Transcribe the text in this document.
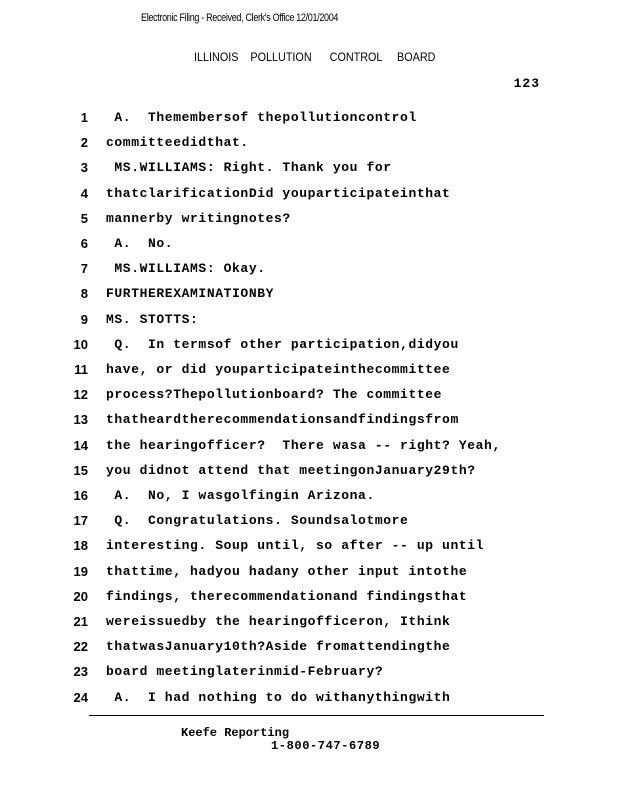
Electronic Filing - Received, Clerk's Office 12/01/2004
ILLINOIS    POLLUTION      CONTROL     BOARD
123
1 A.  Themembersof thepollutioncontrol
2 committeedidthat.
3 MS.WILLIAMS: Right. Thank you for
4 thatclarificationDid youparticipateinthat
5 mannerby writingnotes?
6 A.  No.
7 MS.WILLIAMS: Okay.
8 FURTHEREXAMINATIONBY
9 MS. STOTTS:
10 Q.  In termsof other participation,didyou
11 have, or did youparticipateinthecommittee
12 process?Thepollutionboard? The committee
13 thatheardtherecommendationsandfindingsfrom
14 the hearingofficer?  There wasa -- right? Yeah,
15 you didnot attend that meetingonJanuary29th?
16 A.  No, I wasgolfingin Arizona.
17 Q.  Congratulations. Soundsalotmore
18 interesting. Soup until, so after -- up until
19 thattime, hadyou hadany other input intothe
20 findings, therecommendationand findingsthat
21 wereissuedby the hearingofficeron, Ithink
22 thatwasJanuary10th?Aside fromattendingthe
23 board meetinglaterinmid-February?
24 A.  I had nothing to do withanythingwith
Keefe Reporting
1-800-747-6789
